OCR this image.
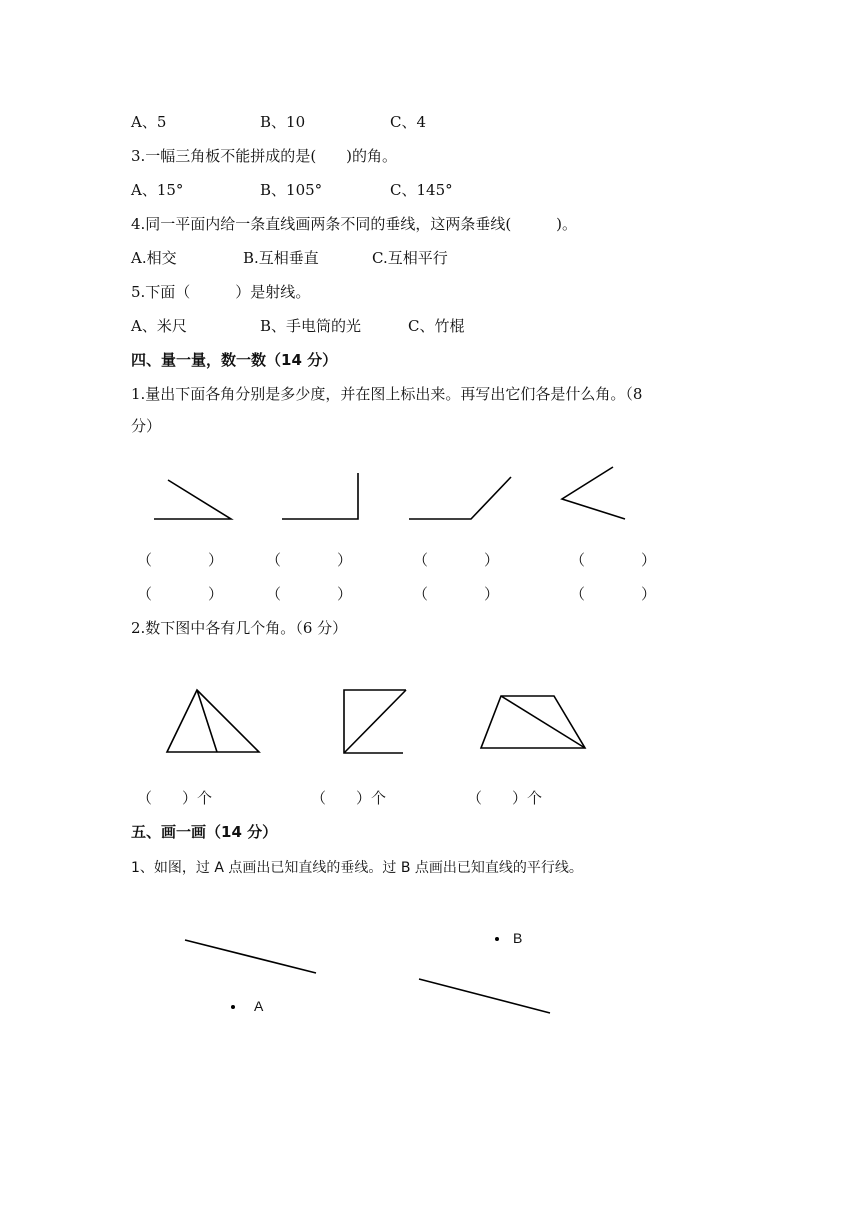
A、5	B、10	C、4
3.一幅三角板不能拼成的是(　　)的角。
A、15°	B、105°	C、145°
4.同一平面内给一条直线画两条不同的垂线，这两条垂线(　　　)。
A.相交	B.互相垂直	C.互相平行
5.下面（　　　）是射线。
A、米尺	B、手电筒的光	C、竹棍
四、量一量，数一数（14 分）
1.量出下面各角分别是多少度，并在图上标出来。再写出它们各是什么角。（8
分）
（	）	（	）	（	）	（	）
（	）	（	）	（	）	（	）
2.数下图中各有几个角。（6 分）
（　　）个	（　　）个	（　　）个
五、画一画（14 分）
1、如图，过 A 点画出已知直线的垂线。过 B 点画出已知直线的平行线。
A
B
